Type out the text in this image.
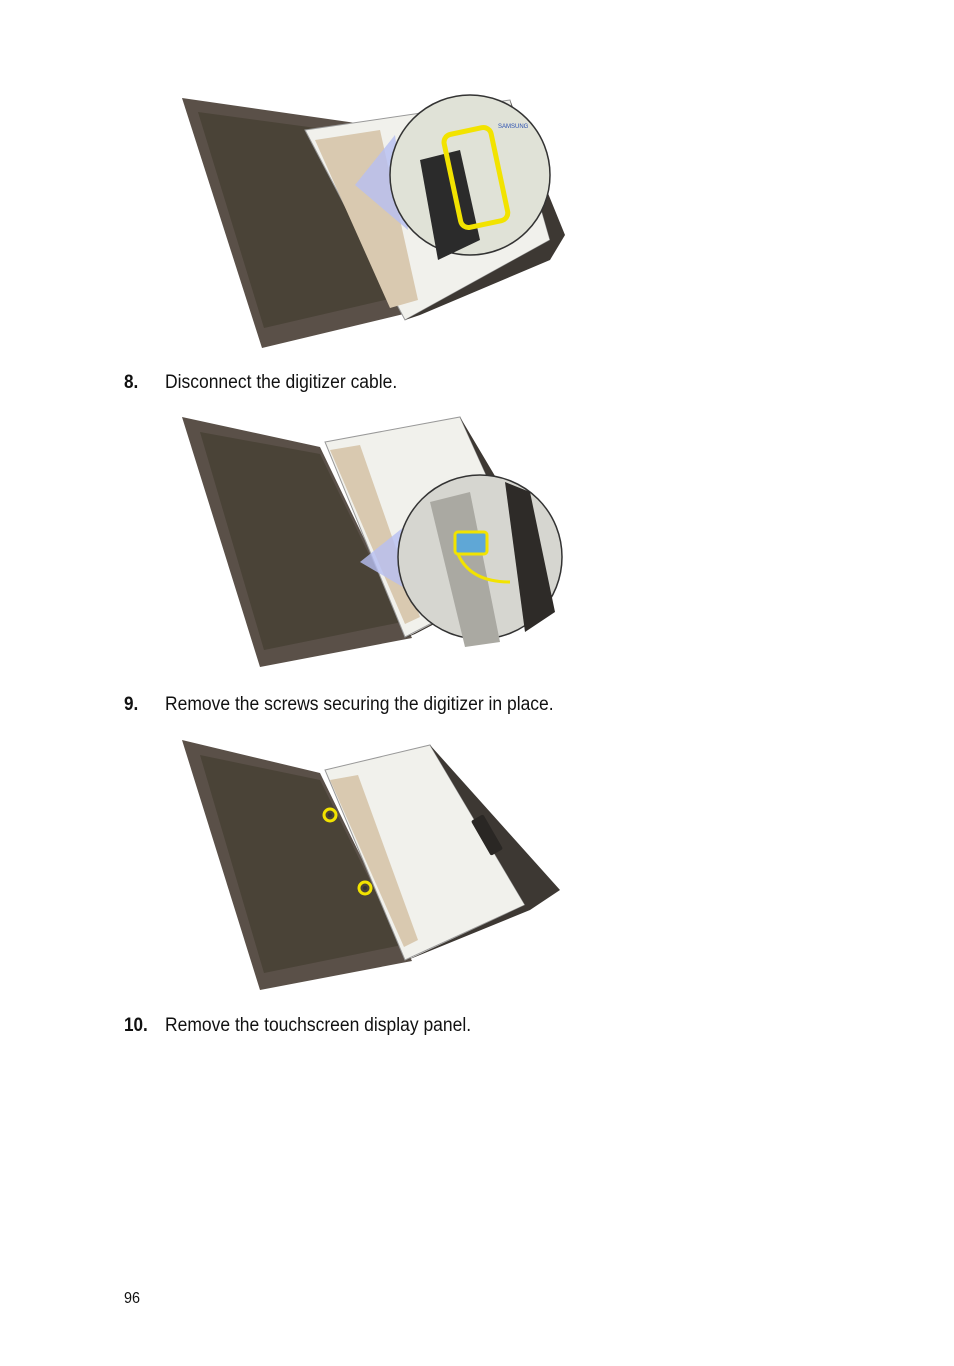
SAMSUNG
8. Disconnect the digitizer cable.
9. Remove the screws securing the digitizer in place.
10. Remove the touchscreen display panel.
96
